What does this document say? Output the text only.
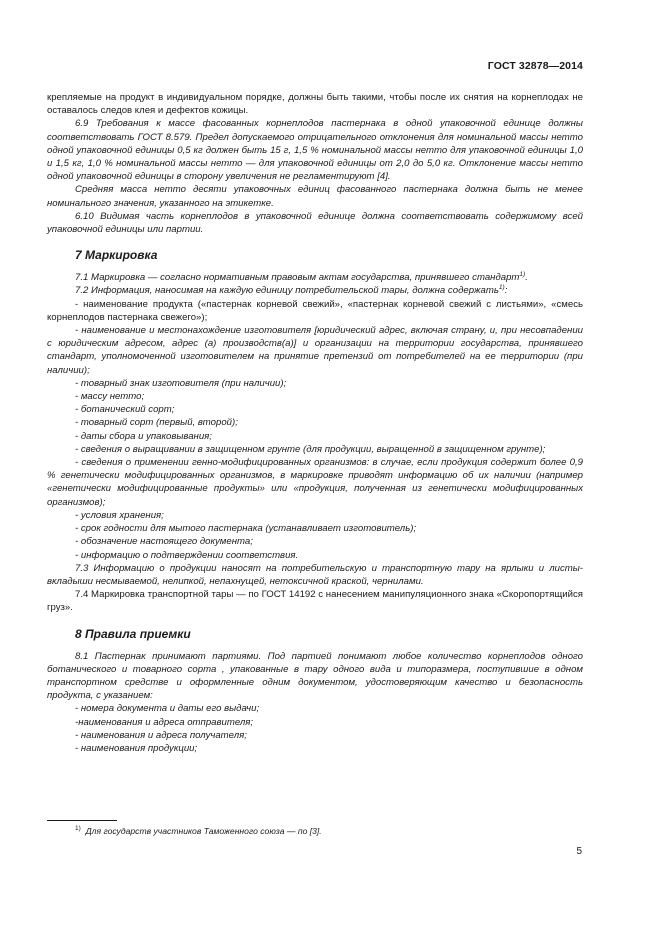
ГОСТ 32878—2014

крепляемые на продукт в индивидуальном порядке, должны быть такими, чтобы после их снятия на корнеплодах не оставалось следов клея и дефектов кожицы.

6.9 Требования к массе фасованных корнеплодов пастернака в одной упаковочной единице должны соответствовать ГОСТ 8.579. Предел допускаемого отрицательного отклонения для номинальной массы нетто одной упаковочной единицы 0,5 кг должен быть 15 г, 1,5 % номинальной массы нетто для упаковочной единицы 1,0 и 1,5 кг, 1,0 % номинальной массы нетто — для упаковочной единицы от 2,0 до 5,0 кг. Отклонение массы нетто одной упаковочной единицы в сторону увеличения не регламентируют [4].

Средняя масса нетто десяти упаковочных единиц фасованного пастернака должна быть не менее номинального значения, указанного на этикетке.

6.10 Видимая часть корнеплодов в упаковочной единице должна соответствовать содержимому всей упаковочной единицы или партии.

7 Маркировка

7.1 Маркировка — согласно нормативным правовым актам государства, принявшего стандарт$^{1)}$.

7.2 Информация, наносимая на каждую единицу потребительской тары, должна содержать$^{1)}$:

- наименование продукта («пастернак корневой свежий», «пастернак корневой свежий с листьями», «смесь корнеплодов пастернака свежего»);

- наименование и местонахождение изготовителя [юридический адрес, включая страну, и, при несовпадении с юридическим адресом, адрес (а) производств(а)] и организации на территории государства, принявшего стандарт, уполномоченной изготовителем на принятие претензий от потребителей на ее территории (при наличии);

- товарный знак изготовителя (при наличии);

- массу нетто;

- ботанический сорт;

- товарный сорт (первый, второй);

- даты сбора и упаковывания;

- сведения о выращивании в защищенном грунте (для продукции, выращенной в защищенном грунте);

- сведения о применении генно-модифицированных организмов: в случае, если продукция содержит более 0,9 % генетически модифицированных организмов, в маркировке приводят информацию об их наличии (например «генетически модифицированные продукты» или «продукция, полученная из генетически модифицированных организмов);

- условия хранения;

- срок годности для мытого пастернака (устанавливает изготовитель);

- обозначение настоящего документа;

- информацию о подтверждении соответствия.

7.3 Информацию о продукции наносят на потребительскую и транспортную тару на ярлыки и листы-вкладыши несмываемой, нелипкой, непахнущей, нетоксичной краской, чернилами.

7.4 Маркировка транспортной тары — по ГОСТ 14192 с нанесением манипуляционного знака «Скоропортящийся груз».

8 Правила приемки

8.1 Пастернак принимают партиями. Под партией понимают любое количество корнеплодов одного ботанического и товарного сорта , упакованные в тару одного вида и типоразмера, поступившие в одном транспортном средстве и оформленные одним документом, удостоверяющим качество и безопасность продукта, с указанием:

- номера документа и даты его выдачи;

-наименования и адреса отправителя;

- наименования и адреса получателя;

- наименования продукции;

$^{1)}$ Для государств участников Таможенного союза — по [3].
5
